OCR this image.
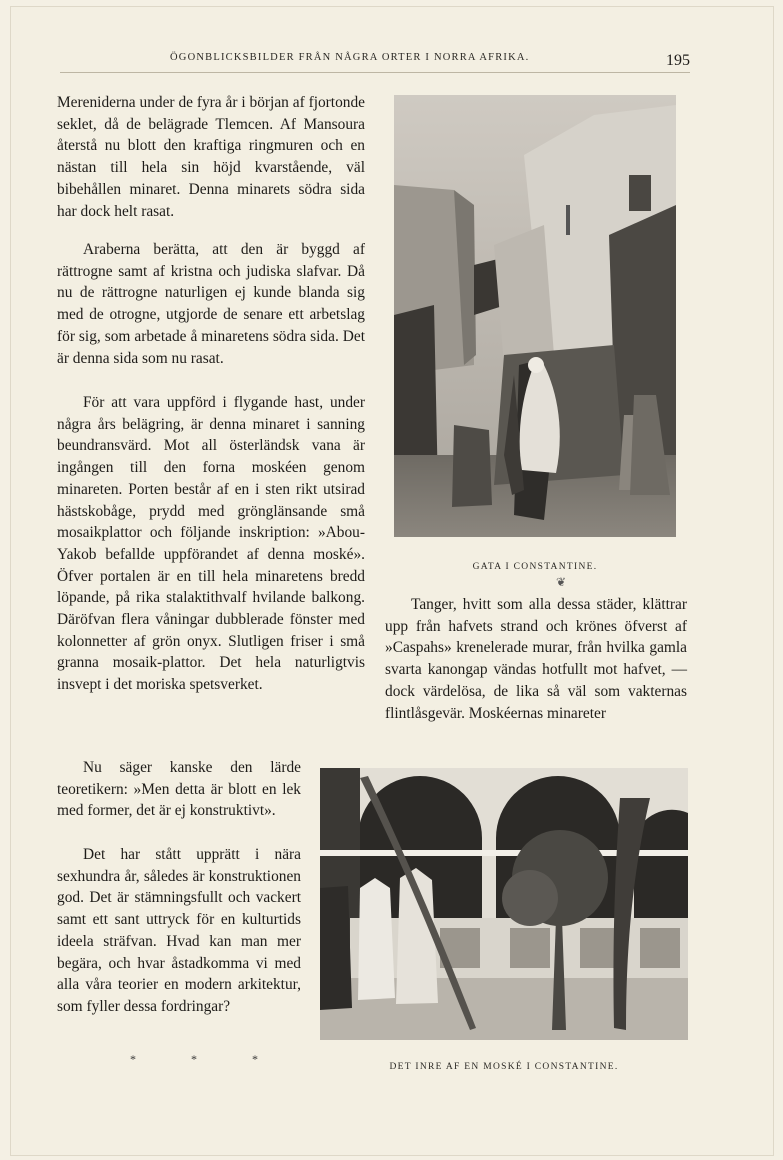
ÖGONBLICKSBILDER FRÅN NÅGRA ORTER I NORRA AFRIKA.	195

Mereniderna under de fyra år i början af fjortonde seklet, då de belägrade Tlemcen. Af Mansoura återstå nu blott den kraftiga ringmuren och en nästan till hela sin höjd kvarstående, väl bibehållen minaret. Denna minarets södra sida har dock helt rasat.

Araberna berätta, att den är byggd af rättrogne samt af kristna och judiska slafvar. Då nu de rättrogne naturligen ej kunde blanda sig med de otrogne, utgjorde de senare ett arbetslag för sig, som arbetade å minaretens södra sida. Det är denna sida som nu rasat.

För att vara uppförd i flygande hast, under några års belägring, är denna minaret i sanning beundransvärd. Mot all österländsk vana är ingången till den forna moskéen genom minareten. Porten består af en i sten rikt utsirad hästskobåge, prydd med grönglänsande små mosaikplattor och följande inskription: »Abou-Yakob befallde uppförandet af denna moské». Öfver portalen är en till hela minaretens bredd löpande, på rika stalaktithvalf hvilande balkong. Däröfvan flera våningar dubblerade fönster med kolonnetter af grön onyx. Slutligen friser i små granna mosaik-plattor. Det hela naturligtvis insvept i det moriska spetsverket.

Nu säger kanske den lärde teoretikern: »Men detta är blott en lek med former, det är ej konstruktivt».

Det har stått upprätt i nära sexhundra år, således är konstruktionen god. Det är stämningsfullt och vackert samt ett sant uttryck för en kulturtids ideela sträfvan. Hvad kan man mer begära, och hvar åstadkomma vi med alla våra teorier en modern arkitektur, som fyller dessa fordringar?

* * *
GATA I CONSTANTINE.
❦

Tanger, hvitt som alla dessa städer, klättrar upp från hafvets strand och krönes öfverst af »Caspahs» krenelerade murar, från hvilka gamla svarta kanongap vändas hotfullt mot hafvet, — dock värdelösa, de lika så väl som vakternas flintlåsgevär. Moskéernas minareter

DET INRE AF EN MOSKÉ I CONSTANTINE.
